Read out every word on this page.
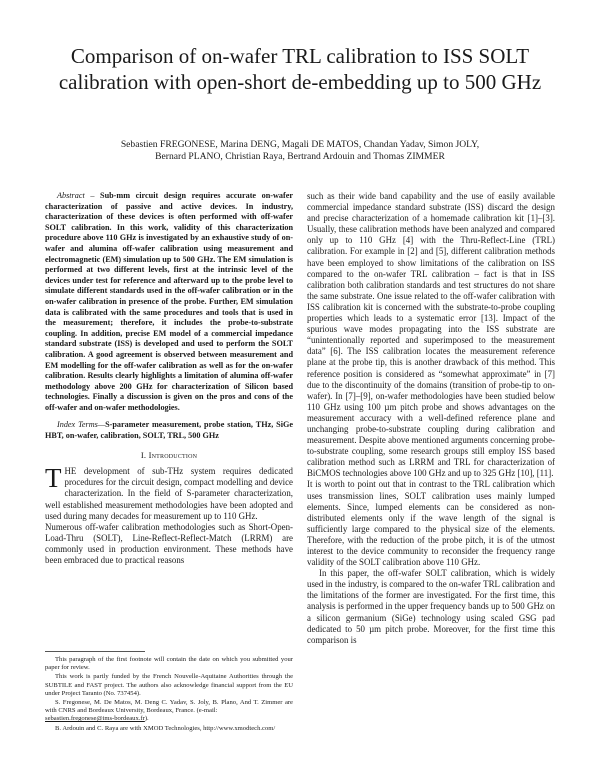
Comparison of on-wafer TRL calibration to ISS SOLT calibration with open-short de-embedding up to 500 GHz
Sebastien FREGONESE, Marina DENG, Magali DE MATOS, Chandan Yadav, Simon JOLY,
Bernard PLANO, Christian Raya, Bertrand Ardouin and Thomas ZIMMER

Abstract – Sub-mm circuit design requires accurate on-wafer characterization of passive and active devices. In industry, characterization of these devices is often performed with off-wafer SOLT calibration. In this work, validity of this characterization procedure above 110 GHz is investigated by an exhaustive study of on-wafer and alumina off-wafer calibration using measurement and electromagnetic (EM) simulation up to 500 GHz. The EM simulation is performed at two different levels, first at the intrinsic level of the devices under test for reference and afterward up to the probe level to simulate different standards used in the off-wafer calibration or in the on-wafer calibration in presence of the probe. Further, EM simulation data is calibrated with the same procedures and tools that is used in the measurement; therefore, it includes the probe-to-substrate coupling. In addition, precise EM model of a commercial impedance standard substrate (ISS) is developed and used to perform the SOLT calibration. A good agreement is observed between measurement and EM modelling for the off-wafer calibration as well as for the on-wafer calibration. Results clearly highlights a limitation of alumina off-wafer methodology above 200 GHz for characterization of Silicon based technologies. Finally a discussion is given on the pros and cons of the off-wafer and on-wafer methodologies.

Index Terms—S-parameter measurement, probe station, THz, SiGe HBT, on-wafer, calibration, SOLT, TRL, 500 GHz

I. Introduction

THE development of sub-THz system requires dedicated procedures for the circuit design, compact modelling and device characterization. In the field of S-parameter characterization, well established measurement methodologies have been adopted and used during many decades for measurement up to 110 GHz.

Numerous off-wafer calibration methodologies such as Short-Open-Load-Thru (SOLT), Line-Reflect-Reflect-Match (LRRM) are commonly used in production environment. These methods have been embraced due to practical reasons

This paragraph of the first footnote will contain the date on which you submitted your paper for review.

This work is partly funded by the French Nouvelle-Aquitaine Authorities through the SUBTILE and FAST project. The authors also acknowledge financial support from the EU under Project Taranto (No. 737454).

S. Fregonese, M. De Matos, M. Deng C. Yadav, S. Joly, B. Plano, And T. Zimmer are with CNRS and Bordeaux University, Bordeaux, France. (e-mail:
sebastien.fregonese@ims-bordeaux.fr).

B. Ardouin and C. Raya are with XMOD Technologies, http://www.xmodtech.com/

such as their wide band capability and the use of easily available commercial impedance standard substrate (ISS) discard the design and precise characterization of a homemade calibration kit [1]–[3]. Usually, these calibration methods have been analyzed and compared only up to 110 GHz [4] with the Thru-Reflect-Line (TRL) calibration. For example in [2] and [5], different calibration methods have been employed to show limitations of the calibration on ISS compared to the on-wafer TRL calibration – fact is that in ISS calibration both calibration standards and test structures do not share the same substrate. One issue related to the off-wafer calibration with ISS calibration kit is concerned with the substrate-to-probe coupling properties which leads to a systematic error [13]. Impact of the spurious wave modes propagating into the ISS substrate are “unintentionally reported and superimposed to the measurement data” [6]. The ISS calibration locates the measurement reference plane at the probe tip, this is another drawback of this method. This reference position is considered as “somewhat approximate” in [7] due to the discontinuity of the domains (transition of probe-tip to on-wafer). In [7]–[9], on-wafer methodologies have been studied below 110 GHz using 100 µm pitch probe and shows advantages on the measurement accuracy with a well-defined reference plane and unchanging probe-to-substrate coupling during calibration and measurement. Despite above mentioned arguments concerning probe-to-substrate coupling, some research groups still employ ISS based calibration method such as LRRM and TRL for characterization of BiCMOS technologies above 100 GHz and up to 325 GHz [10], [11].

It is worth to point out that in contrast to the TRL calibration which uses transmission lines, SOLT calibration uses mainly lumped elements. Since, lumped elements can be considered as non-distributed elements only if the wave length of the signal is sufficiently large compared to the physical size of the elements. Therefore, with the reduction of the probe pitch, it is of the utmost interest to the device community to reconsider the frequency range validity of the SOLT calibration above 110 GHz.

In this paper, the off-wafer SOLT calibration, which is widely used in the industry, is compared to the on-wafer TRL calibration and the limitations of the former are investigated. For the first time, this analysis is performed in the upper frequency bands up to 500 GHz on a silicon germanium (SiGe) technology using scaled GSG pad dedicated to 50 µm pitch probe. Moreover, for the first time this comparison is
